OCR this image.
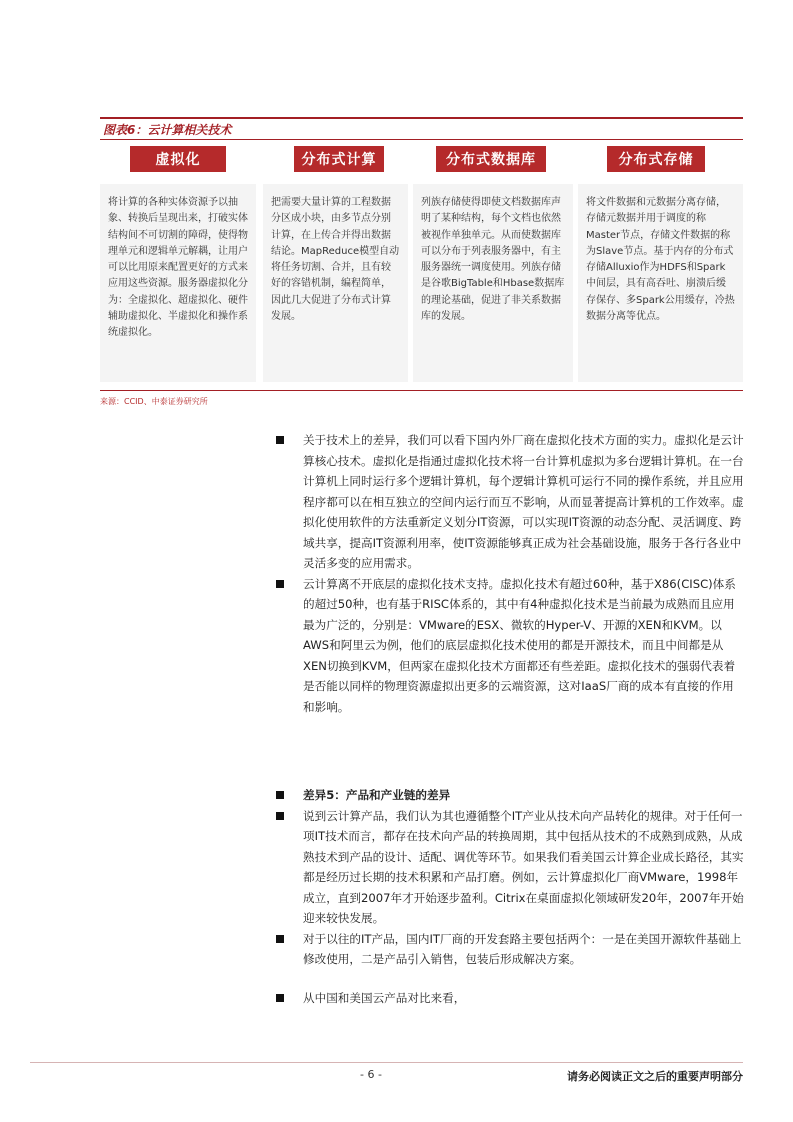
图表6：云计算相关技术
虚拟化	分布式计算	分布式数据库	分布式存储

将计算的各种实体资源予以抽象、转换后呈现出来，打破实体结构间不可切割的障碍，使得物理单元和逻辑单元解耦，让用户可以比用原来配置更好的方式来应用这些资源。服务器虚拟化分为：全虚拟化、超虚拟化、硬件辅助虚拟化、半虚拟化和操作系统虚拟化。

把需要大量计算的工程数据分区成小块，由多节点分别计算，在上传合并得出数据结论。MapReduce模型自动将任务切割、合并，且有较好的容错机制，编程简单，因此几大促进了分布式计算发展。

列族存储使得即使文档数据库声明了某种结构，每个文档也依然被视作单独单元。从而使数据库可以分布于列表服务器中，有主服务器统一调度使用。列族存储是谷歌BigTable和Hbase数据库的理论基础，促进了非关系数据库的发展。

将文件数据和元数据分离存储，存储元数据并用于调度的称Master节点，存储文件数据的称为Slave节点。基于内存的分布式存储Alluxio作为HDFS和Spark中间层，具有高吞吐、崩溃后缓存保存、多Spark公用缓存，冷热数据分离等优点。

来源：CCID、中泰证券研究所

关于技术上的差异，我们可以看下国内外厂商在虚拟化技术方面的实力。虚拟化是云计算核心技术。虚拟化是指通过虚拟化技术将一台计算机虚拟为多台逻辑计算机。在一台计算机上同时运行多个逻辑计算机，每个逻辑计算机可运行不同的操作系统，并且应用程序都可以在相互独立的空间内运行而互不影响，从而显著提高计算机的工作效率。虚拟化使用软件的方法重新定义划分IT资源，可以实现IT资源的动态分配、灵活调度、跨域共享，提高IT资源利用率，使IT资源能够真正成为社会基础设施，服务于各行各业中灵活多变的应用需求。

云计算离不开底层的虚拟化技术支持。虚拟化技术有超过60种，基于X86(CISC)体系的超过50种，也有基于RISC体系的，其中有4种虚拟化技术是当前最为成熟而且应用最为广泛的，分别是：VMware的ESX、微软的Hyper-V、开源的XEN和KVM。以AWS和阿里云为例，他们的底层虚拟化技术使用的都是开源技术，而且中间都是从XEN切换到KVM，但两家在虚拟化技术方面都还有些差距。虚拟化技术的强弱代表着是否能以同样的物理资源虚拟出更多的云端资源，这对IaaS厂商的成本有直接的作用和影响。

差异5：产品和产业链的差异

说到云计算产品，我们认为其也遵循整个IT产业从技术向产品转化的规律。对于任何一项IT技术而言，都存在技术向产品的转换周期，其中包括从技术的不成熟到成熟，从成熟技术到产品的设计、适配、调优等环节。如果我们看美国云计算企业成长路径，其实都是经历过长期的技术积累和产品打磨。例如，云计算虚拟化厂商VMware，1998年成立，直到2007年才开始逐步盈利。Citrix在桌面虚拟化领域研发20年，2007年开始迎来较快发展。

对于以往的IT产品，国内IT厂商的开发套路主要包括两个：一是在美国开源软件基础上修改使用，二是产品引入销售，包装后形成解决方案。

从中国和美国云产品对比来看，

- 6 -	请务必阅读正文之后的重要声明部分
